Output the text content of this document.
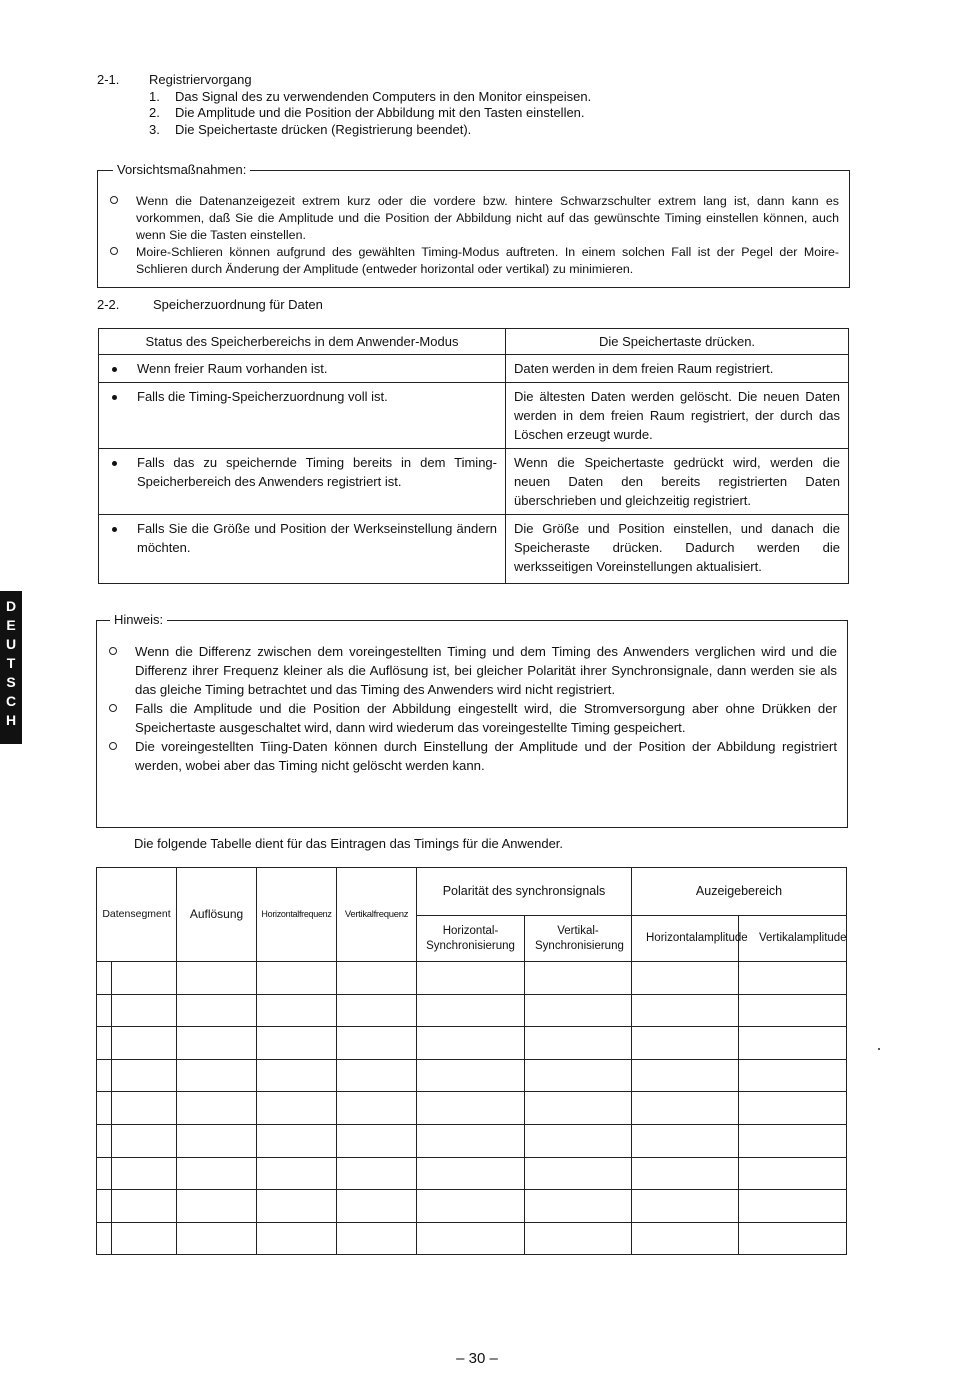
2-1.	Registriervorgang
1.	Das Signal des zu verwendenden Computers in den Monitor einspeisen.
2.	Die Amplitude und die Position der Abbildung mit den Tasten einstellen.
3.	Die Speichertaste drücken (Registrierung beendet).
Wenn die Datenanzeigezeit extrem kurz oder die vordere bzw. hintere Schwarzschulter extrem lang ist, dann kann es vorkommen, daß Sie die Amplitude und die Position der Abbildung nicht auf das gewünschte Timing einstellen können, auch wenn Sie die Tasten einstellen.
Moire-Schlieren können aufgrund des gewählten Timing-Modus auftreten. In einem solchen Fall ist der Pegel der Moire-Schlieren durch Änderung der Amplitude (entweder horizontal oder vertikal) zu minimieren.
Vorsichtsmaßnahmen:
2-2.	Speicherzuordnung für Daten
Status des Speicherbereichs in dem Anwender-Modus	Die Speichertaste drücken.

Wenn freier Raum vorhanden ist.	Daten werden in dem freien Raum registriert.

Falls die Timing-Speicherzuordnung voll ist.	Die ältesten Daten werden gelöscht. Die neuen Daten werden in dem freien Raum registriert, der durch das Löschen erzeugt wurde.

Falls das zu speichernde Timing bereits in dem Timing-Speicherbereich des Anwenders registriert ist.	Wenn die Speichertaste gedrückt wird, werden die neuen Daten den bereits registrierten Daten überschrieben und gleichzeitig registriert.

Falls Sie die Größe und Position der Werkseinstellung ändern möchten.	Die Größe und Position einstellen, und danach die Speicheraste drücken. Dadurch werden die werksseitigen Voreinstellungen aktualisiert.
Wenn die Differenz zwischen dem voreingestellten Timing und dem Timing des Anwenders verglichen wird und die Differenz ihrer Frequenz kleiner als die Auflösung ist, bei gleicher Polarität ihrer Synchronsignale, dann werden sie als das gleiche Timing betrachtet und das Timing des Anwenders wird nicht registriert.
Falls die Amplitude und die Position der Abbildung eingestellt wird, die Stromversorgung aber ohne Drükken der Speichertaste ausgeschaltet wird, dann wird wiederum das voreingestellte Timing gespeichert.
Die voreingestellten Tiing-Daten können durch Einstellung der Amplitude und der Position der Abbildung registriert werden, wobei aber das Timing nicht gelöscht werden kann.
Hinweis:
Die folgende Tabelle dient für das Eintragen das Timings für die Anwender.
Datensegment	Auflösung	Horizontalfrequenz	Vertikalfrequenz	Polarität des synchronsignals		Auzeigebereich	

				Horizontal-Synchronisierung	Vertikal-Synchronisierung	Horizontalamplitude	Vertikalamplitude

D
E
U
T
S
C
H
– 30 –
